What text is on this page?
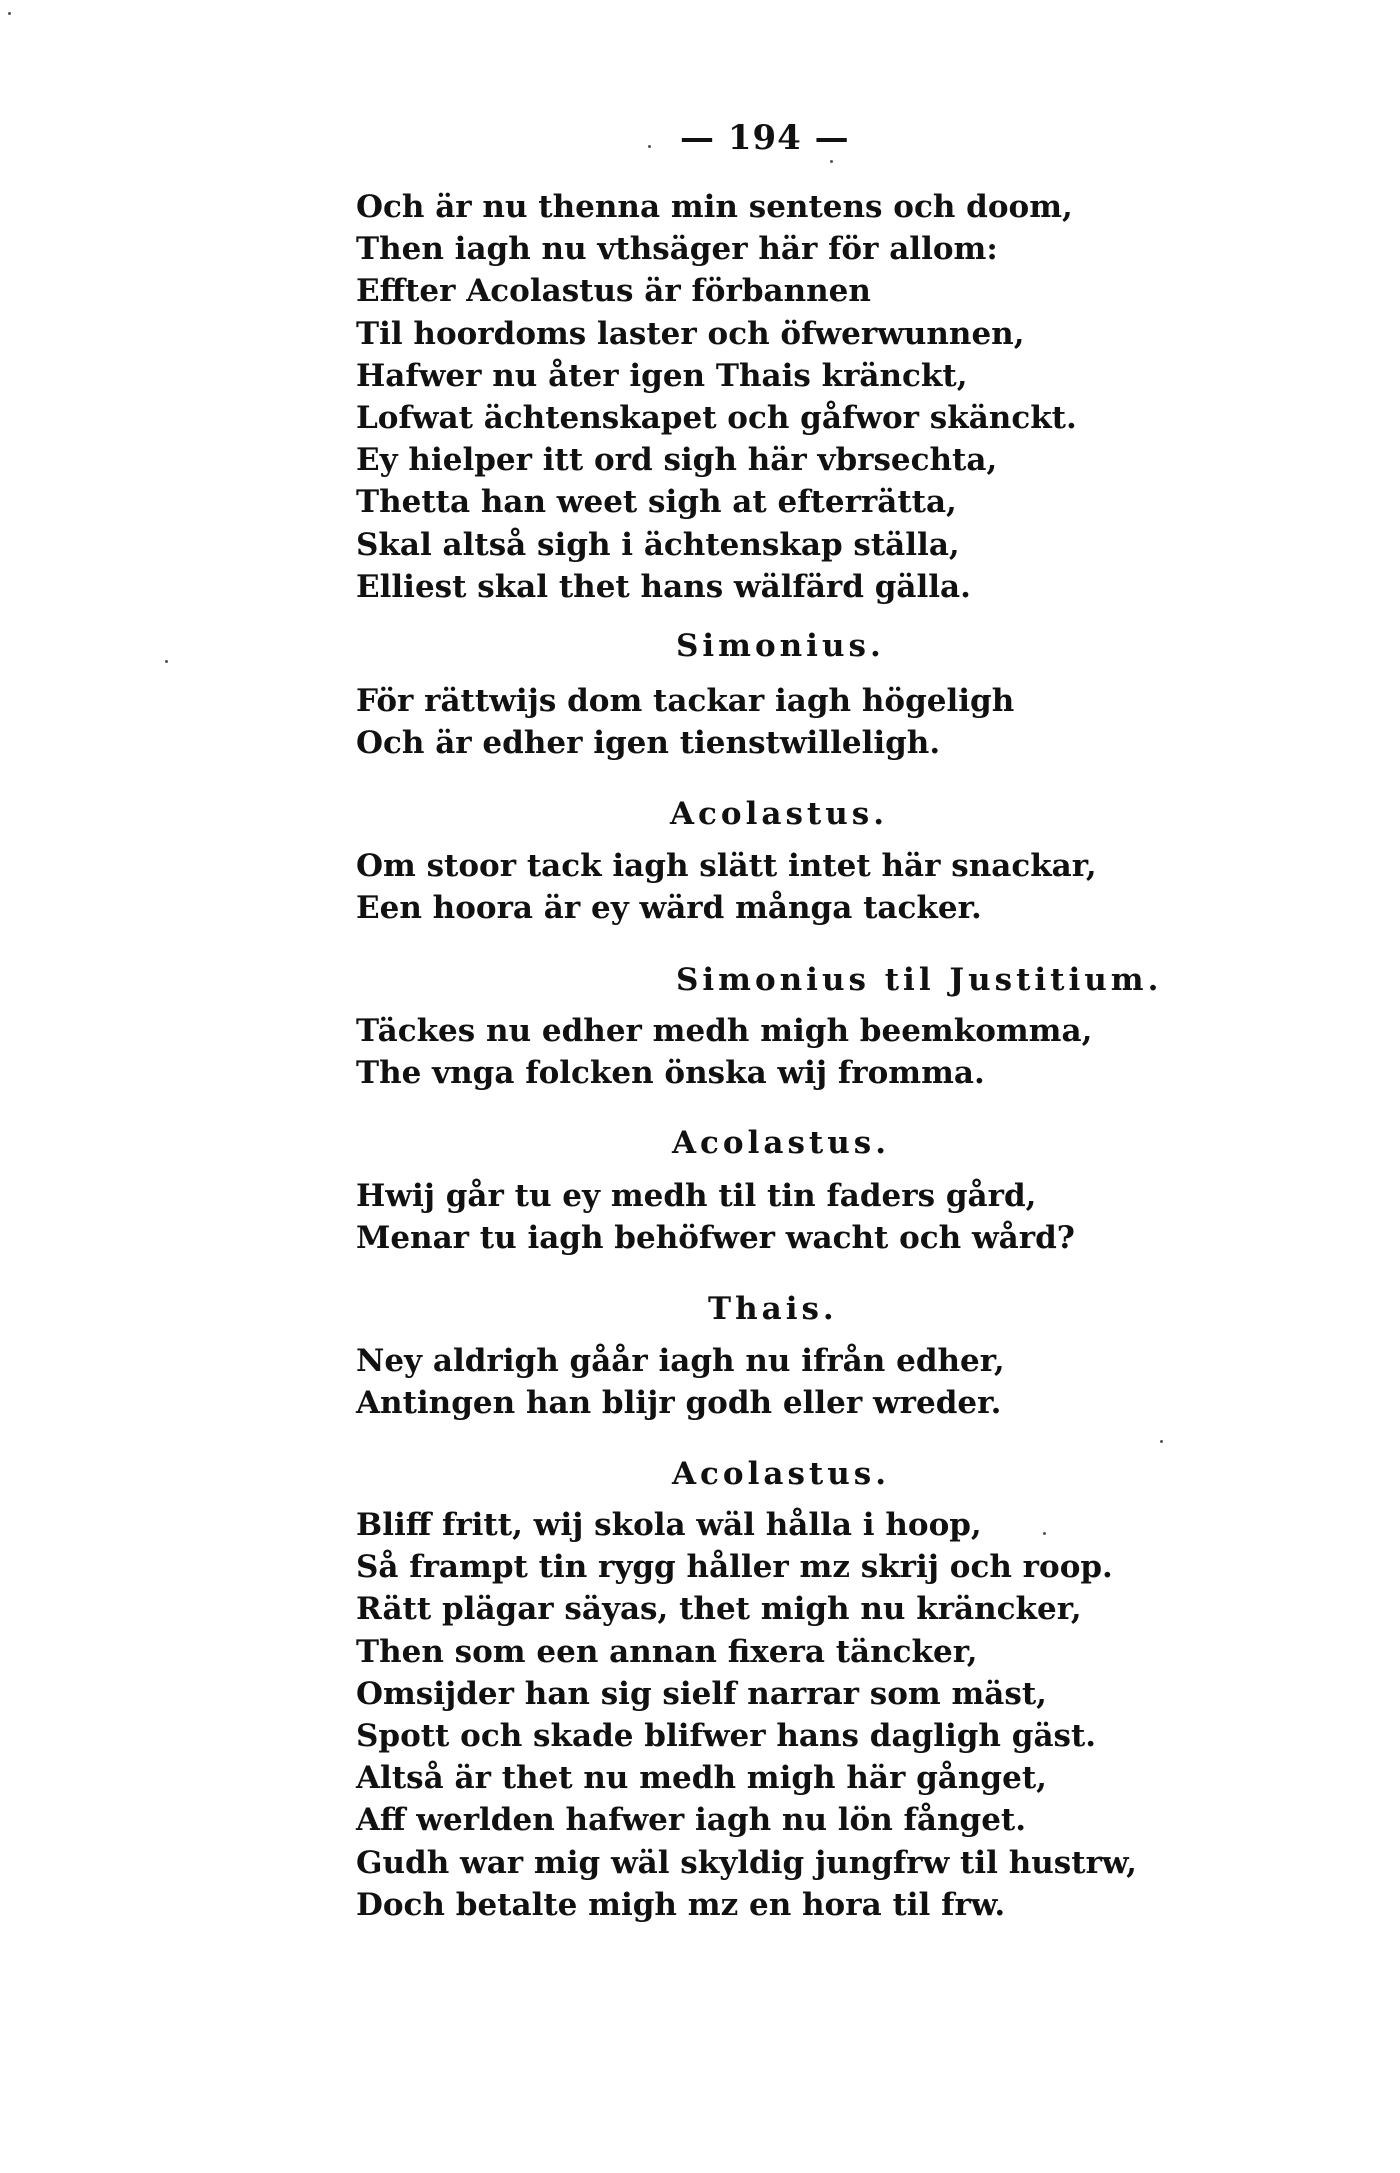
— 194 —
Och är nu thenna min sentens och doom,
Then iagh nu vthsäger här för allom:
Effter Acolastus är förbannen
Til hoordoms laster och öfwerwunnen,
Hafwer nu åter igen Thais kränckt,
Lofwat ächtenskapet och gåfwor skänckt.
Ey hielper itt ord sigh här vbrsechta,
Thetta han weet sigh at efterrätta,
Skal altså sigh i ächtenskap ställa,
Elliest skal thet hans wälfärd gälla.
Simonius.
För rättwijs dom tackar iagh högeligh
Och är edher igen tienstwilleligh.
Acolastus.
Om stoor tack iagh slätt intet här snackar,
Een hoora är ey wärd många tacker.
Simonius til Justitium.
Täckes nu edher medh migh beemkomma,
The vnga folcken önska wij fromma.
Acolastus.
Hwij går tu ey medh til tin faders gård,
Menar tu iagh behöfwer wacht och wård?
Thais.
Ney aldrigh gåår iagh nu ifrån edher,
Antingen han blijr godh eller wreder.
Acolastus.
Bliff fritt, wij skola wäl hålla i hoop,
Så frampt tin rygg håller mz skrij och roop.
Rätt plägar säyas, thet migh nu kräncker,
Then som een annan fixera täncker,
Omsijder han sig sielf narrar som mäst,
Spott och skade blifwer hans dagligh gäst.
Altså är thet nu medh migh här gånget,
Aff werlden hafwer iagh nu lön fånget.
Gudh war mig wäl skyldig jungfrw til hustrw,
Doch betalte migh mz en hora til frw.
